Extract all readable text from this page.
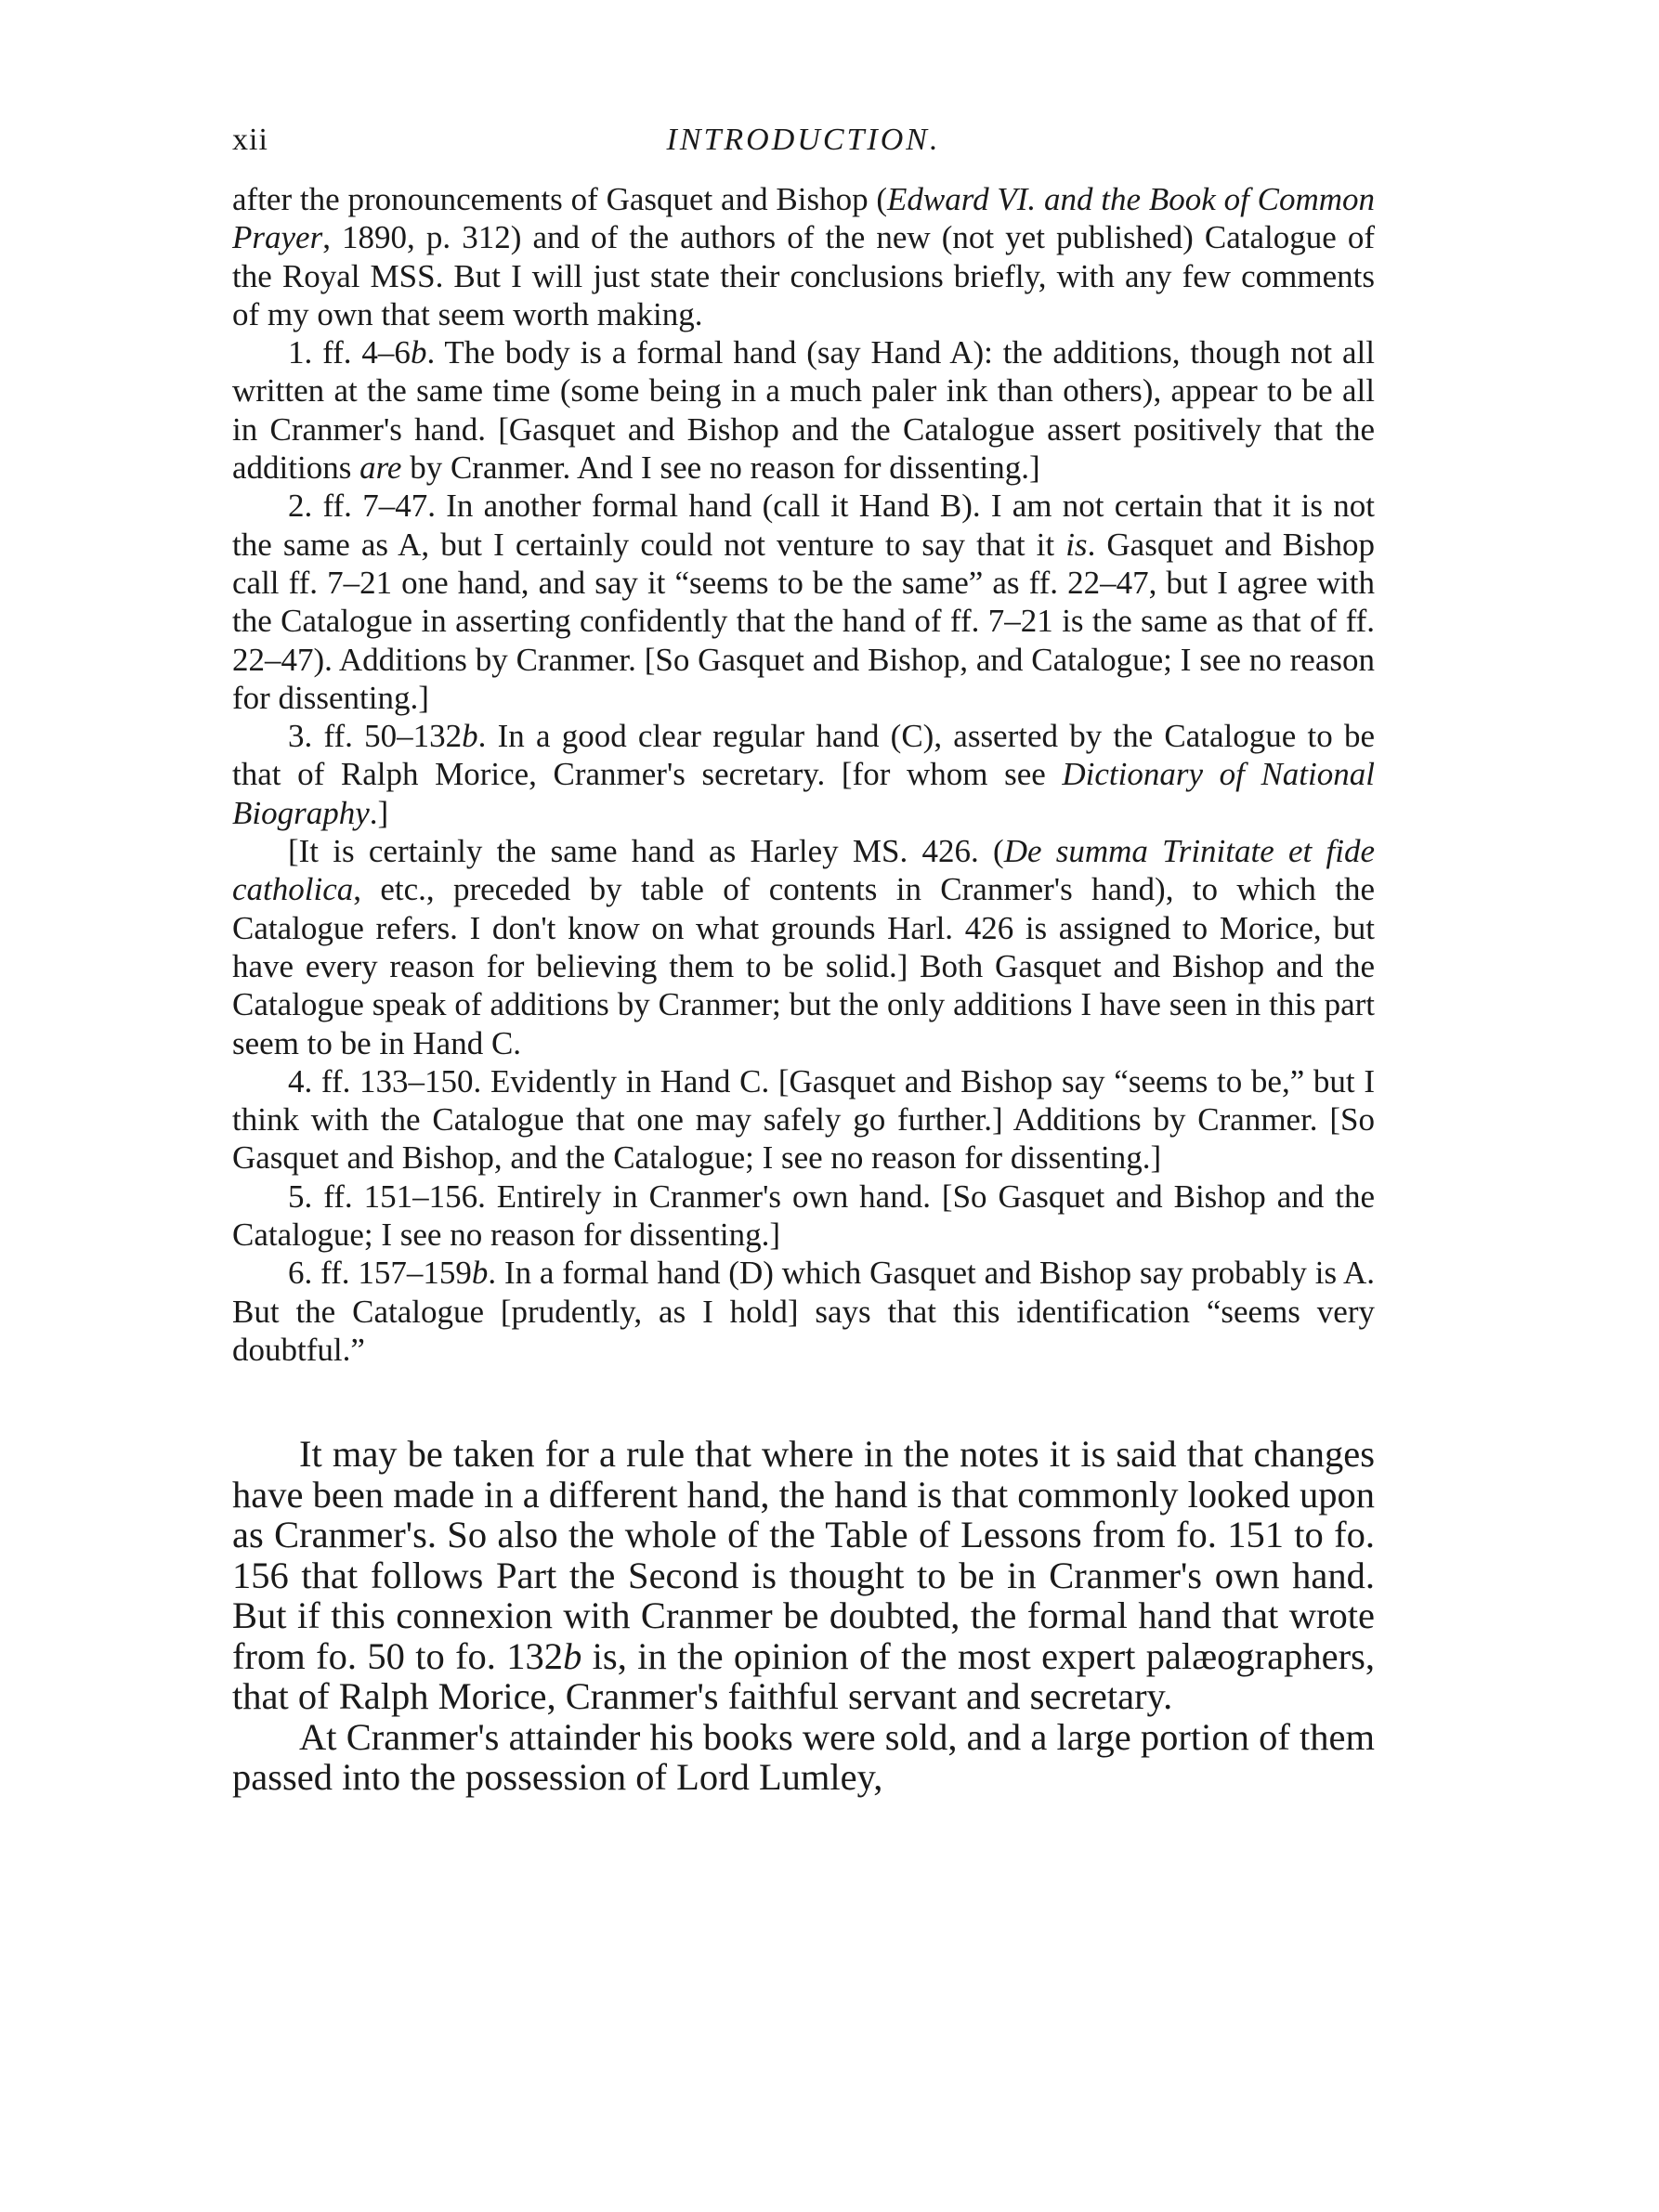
xii	INTRODUCTION.

after the pronouncements of Gasquet and Bishop (Edward VI. and the Book of Common Prayer, 1890, p. 312) and of the authors of the new (not yet published) Catalogue of the Royal MSS. But I will just state their conclusions briefly, with any few comments of my own that seem worth making.

1. ff. 4–6b. The body is a formal hand (say Hand A): the additions, though not all written at the same time (some being in a much paler ink than others), appear to be all in Cranmer's hand. [Gasquet and Bishop and the Catalogue assert positively that the additions are by Cranmer. And I see no reason for dissenting.]

2. ff. 7–47. In another formal hand (call it Hand B). I am not certain that it is not the same as A, but I certainly could not venture to say that it is. Gasquet and Bishop call ff. 7–21 one hand, and say it “seems to be the same” as ff. 22–47, but I agree with the Catalogue in asserting confidently that the hand of ff. 7–21 is the same as that of ff. 22–47). Additions by Cranmer. [So Gasquet and Bishop, and Catalogue; I see no reason for dissenting.]

3. ff. 50–132b. In a good clear regular hand (C), asserted by the Catalogue to be that of Ralph Morice, Cranmer's secretary. [for whom see Dictionary of National Biography.]

[It is certainly the same hand as Harley MS. 426. (De summa Trinitate et fide catholica, etc., preceded by table of contents in Cranmer's hand), to which the Catalogue refers. I don't know on what grounds Harl. 426 is assigned to Morice, but have every reason for believing them to be solid.] Both Gasquet and Bishop and the Catalogue speak of additions by Cranmer; but the only additions I have seen in this part seem to be in Hand C.

4. ff. 133–150. Evidently in Hand C. [Gasquet and Bishop say “seems to be,” but I think with the Catalogue that one may safely go further.] Additions by Cranmer. [So Gasquet and Bishop, and the Catalogue; I see no reason for dissenting.]

5. ff. 151–156. Entirely in Cranmer's own hand. [So Gasquet and Bishop and the Catalogue; I see no reason for dissenting.]

6. ff. 157–159b. In a formal hand (D) which Gasquet and Bishop say probably is A. But the Catalogue [prudently, as I hold] says that this identification “seems very doubtful.”

It may be taken for a rule that where in the notes it is said that changes have been made in a different hand, the hand is that commonly looked upon as Cranmer's. So also the whole of the Table of Lessons from fo. 151 to fo. 156 that follows Part the Second is thought to be in Cranmer's own hand. But if this connexion with Cranmer be doubted, the formal hand that wrote from fo. 50 to fo. 132b is, in the opinion of the most expert palæographers, that of Ralph Morice, Cranmer's faithful servant and secretary.

At Cranmer's attainder his books were sold, and a large portion of them passed into the possession of Lord Lumley,
